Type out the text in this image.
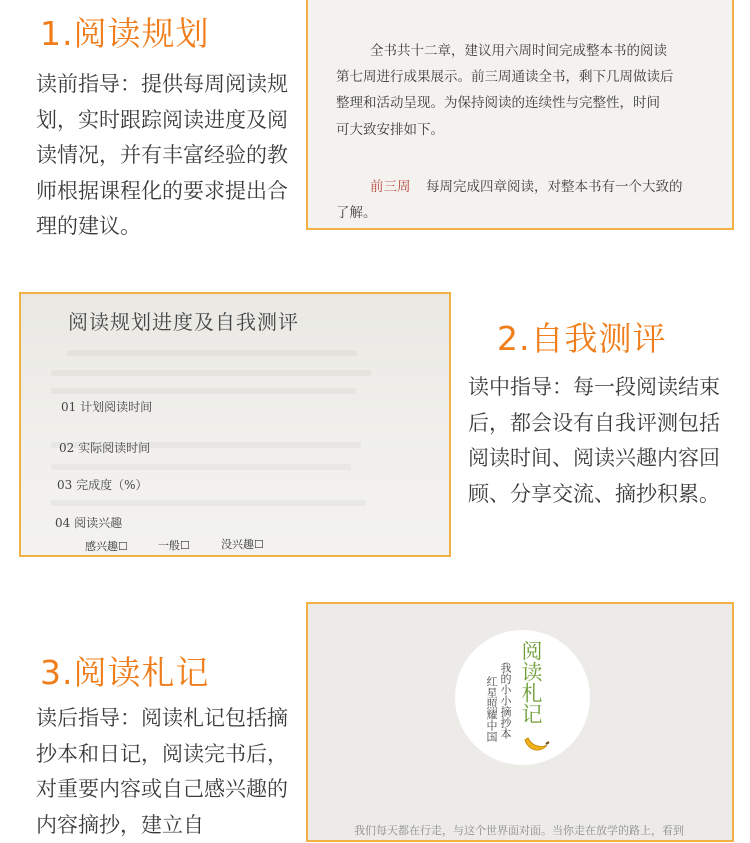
1.阅读规划
读前指导：提供每周阅读规划，实时跟踪阅读进度及阅读情况，并有丰富经验的教师根据课程化的要求提出合理的建议。
全书共十二章，建议用六周时间完成整本书的阅读
第七周进行成果展示。前三周通读全书，剩下几周做读后
整理和活动呈现。为保持阅读的连续性与完整性，时间
可大致安排如下。
前三周 每周完成四章阅读，对整本书有一个大致的
了解。
阅读规划进度及自我测评
01 计划阅读时间
02 实际阅读时间
03 完成度（%）
04 阅读兴趣
感兴趣☐	一般☐	没兴趣☐
2.自我测评
读中指导：每一段阅读结束后，都会设有自我评测包括阅读时间、阅读兴趣内容回顾、分享交流、摘抄积累。
3.阅读札记
读后指导：阅读札记包括摘抄本和日记，阅读完书后，对重要内容或自己感兴趣的内容摘抄，建立自
阅读札记
我的小小摘抄本
红星照耀中国
我们每天都在行走，与这个世界面对面。当你走在放学的路上，看到
